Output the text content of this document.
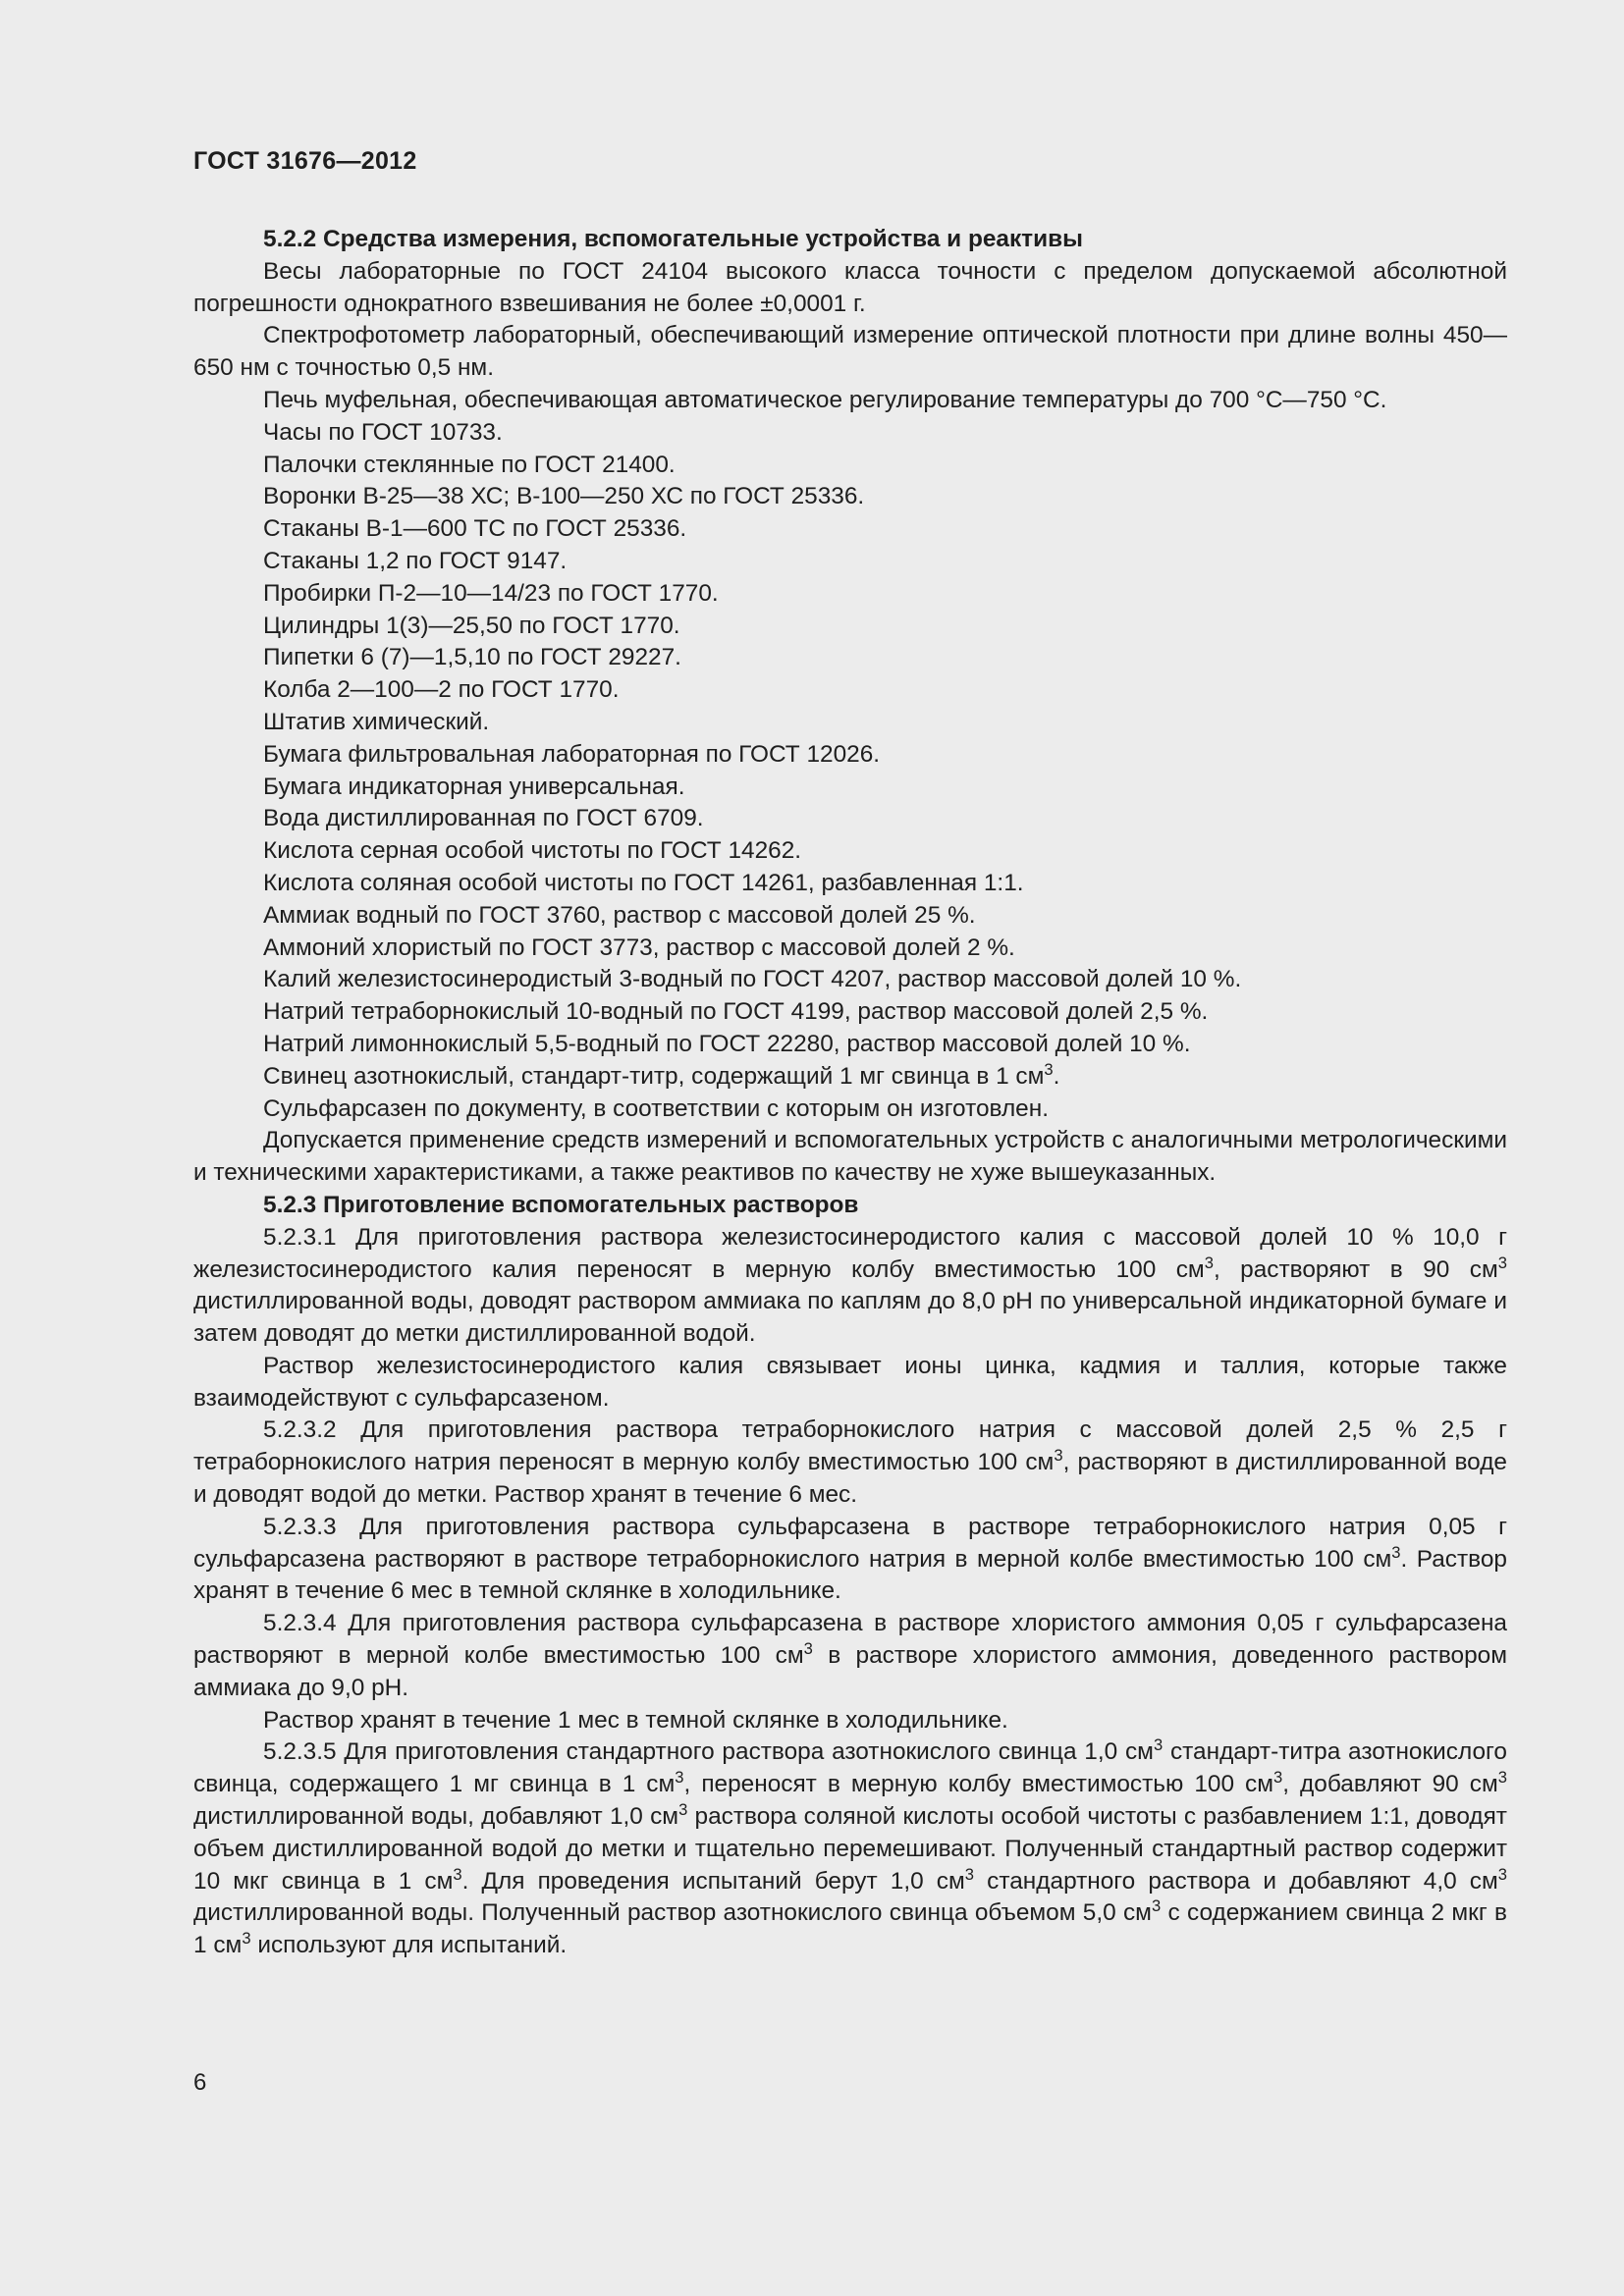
ГОСТ 31676—2012

5.2.2 Средства измерения, вспомогательные устройства и реактивы

Весы лабораторные по ГОСТ 24104 высокого класса точности с пределом допускаемой абсолютной погрешности однократного взвешивания не более ±0,0001 г.

Спектрофотометр лабораторный, обеспечивающий измерение оптической плотности при длине волны 450—650 нм с точностью 0,5 нм.

Печь муфельная, обеспечивающая автоматическое регулирование температуры до 700 °С—750 °С.

Часы по ГОСТ 10733.

Палочки стеклянные по ГОСТ 21400.

Воронки В-25—38 ХС; В-100—250 ХС по ГОСТ 25336.

Стаканы В-1—600 ТС по ГОСТ 25336.

Стаканы 1,2 по ГОСТ 9147.

Пробирки П-2—10—14/23 по ГОСТ 1770.

Цилиндры 1(3)—25,50 по ГОСТ 1770.

Пипетки 6 (7)—1,5,10 по ГОСТ 29227.

Колба 2—100—2 по ГОСТ 1770.

Штатив химический.

Бумага фильтровальная лабораторная по ГОСТ 12026.

Бумага индикаторная универсальная.

Вода дистиллированная по ГОСТ 6709.

Кислота серная особой чистоты по ГОСТ 14262.

Кислота соляная особой чистоты по ГОСТ 14261, разбавленная 1:1.

Аммиак водный по ГОСТ 3760, раствор с массовой долей 25 %.

Аммоний хлористый по ГОСТ 3773, раствор с массовой долей 2 %.

Калий железистосинеродистый 3-водный по ГОСТ 4207, раствор массовой долей 10 %.

Натрий тетраборнокислый 10-водный по ГОСТ 4199, раствор массовой долей 2,5 %.

Натрий лимоннокислый 5,5-водный по ГОСТ 22280, раствор массовой долей 10 %.

Свинец азотнокислый, стандарт-титр, содержащий 1 мг свинца в 1 $см^3$.

Сульфарсазен по документу, в соответствии с которым он изготовлен.

Допускается применение средств измерений и вспомогательных устройств с аналогичными метрологическими и техническими характеристиками, а также реактивов по качеству не хуже вышеуказанных.

5.2.3 Приготовление вспомогательных растворов

5.2.3.1 Для приготовления раствора железистосинеродистого калия с массовой долей 10 % 10,0 г железистосинеродистого калия переносят в мерную колбу вместимостью 100 $см^3$, растворяют в 90 $см^3$ дистиллированной воды, доводят раствором аммиака по каплям до 8,0 рН по универсальной индикаторной бумаге и затем доводят до метки дистиллированной водой.

Раствор железистосинеродистого калия связывает ионы цинка, кадмия и таллия, которые также взаимодействуют с сульфарсазеном.

5.2.3.2 Для приготовления раствора тетраборнокислого натрия с массовой долей 2,5 % 2,5 г тетраборнокислого натрия переносят в мерную колбу вместимостью 100 $см^3$, растворяют в дистиллированной воде и доводят водой до метки. Раствор хранят в течение 6 мес.

5.2.3.3 Для приготовления раствора сульфарсазена в растворе тетраборнокислого натрия 0,05 г сульфарсазена растворяют в растворе тетраборнокислого натрия в мерной колбе вместимостью 100 $см^3$. Раствор хранят в течение 6 мес в темной склянке в холодильнике.

5.2.3.4 Для приготовления раствора сульфарсазена в растворе хлористого аммония 0,05 г сульфарсазена растворяют в мерной колбе вместимостью 100 $см^3$ в растворе хлористого аммония, доведенного раствором аммиака до 9,0 рН.

Раствор хранят в течение 1 мес в темной склянке в холодильнике.

5.2.3.5 Для приготовления стандартного раствора азотнокислого свинца 1,0 $см^3$ стандарт-титра азотнокислого свинца, содержащего 1 мг свинца в 1 $см^3$, переносят в мерную колбу вместимостью 100 $см^3$, добавляют 90 $см^3$ дистиллированной воды, добавляют 1,0 $см^3$ раствора соляной кислоты особой чистоты с разбавлением 1:1, доводят объем дистиллированной водой до метки и тщательно перемешивают. Полученный стандартный раствор содержит 10 мкг свинца в 1 $см^3$. Для проведения испытаний берут 1,0 $см^3$ стандартного раствора и добавляют 4,0 $см^3$ дистиллированной воды. Полученный раствор азотнокислого свинца объемом 5,0 $см^3$ с содержанием свинца 2 мкг в 1 $см^3$ используют для испытаний.

6
